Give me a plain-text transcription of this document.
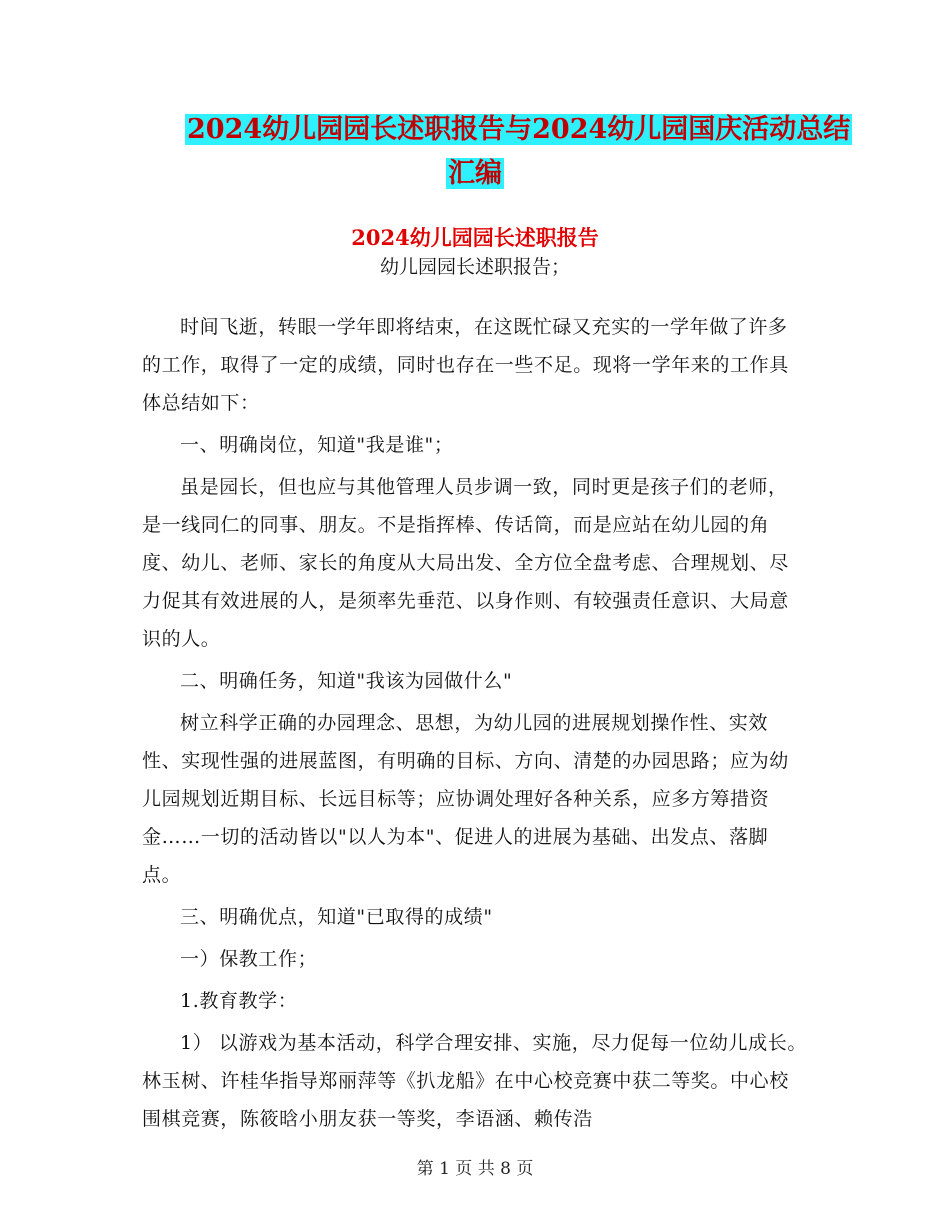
2024幼儿园园长述职报告与2024幼儿园国庆活动总结
汇编
2024幼儿园园长述职报告
幼儿园园长述职报告；

时间飞逝，转眼一学年即将结束，在这既忙碌又充实的一学年做了许多的工作，取得了一定的成绩，同时也存在一些不足。现将一学年来的工作具体总结如下：

一、明确岗位，知道"我是谁"；

虽是园长，但也应与其他管理人员步调一致，同时更是孩子们的老师，是一线同仁的同事、朋友。不是指挥棒、传话筒，而是应站在幼儿园的角度、幼儿、老师、家长的角度从大局出发、全方位全盘考虑、合理规划、尽力促其有效进展的人，是须率先垂范、以身作则、有较强责任意识、大局意识的人。

二、明确任务，知道"我该为园做什么"

树立科学正确的办园理念、思想，为幼儿园的进展规划操作性、实效性、实现性强的进展蓝图，有明确的目标、方向、清楚的办园思路；应为幼儿园规划近期目标、长远目标等；应协调处理好各种关系，应多方筹措资金……一切的活动皆以"以人为本"、促进人的进展为基础、出发点、落脚点。

三、明确优点，知道"已取得的成绩"

一）保教工作；

1.教育教学：

1） 以游戏为基本活动，科学合理安排、实施，尽力促每一位幼儿成长。林玉树、许桂华指导郑丽萍等《扒龙船》在中心校竞赛中获二等奖。中心校围棋竞赛，陈筱晗小朋友获一等奖，李语涵、赖传浩

第 1 页 共 8 页
